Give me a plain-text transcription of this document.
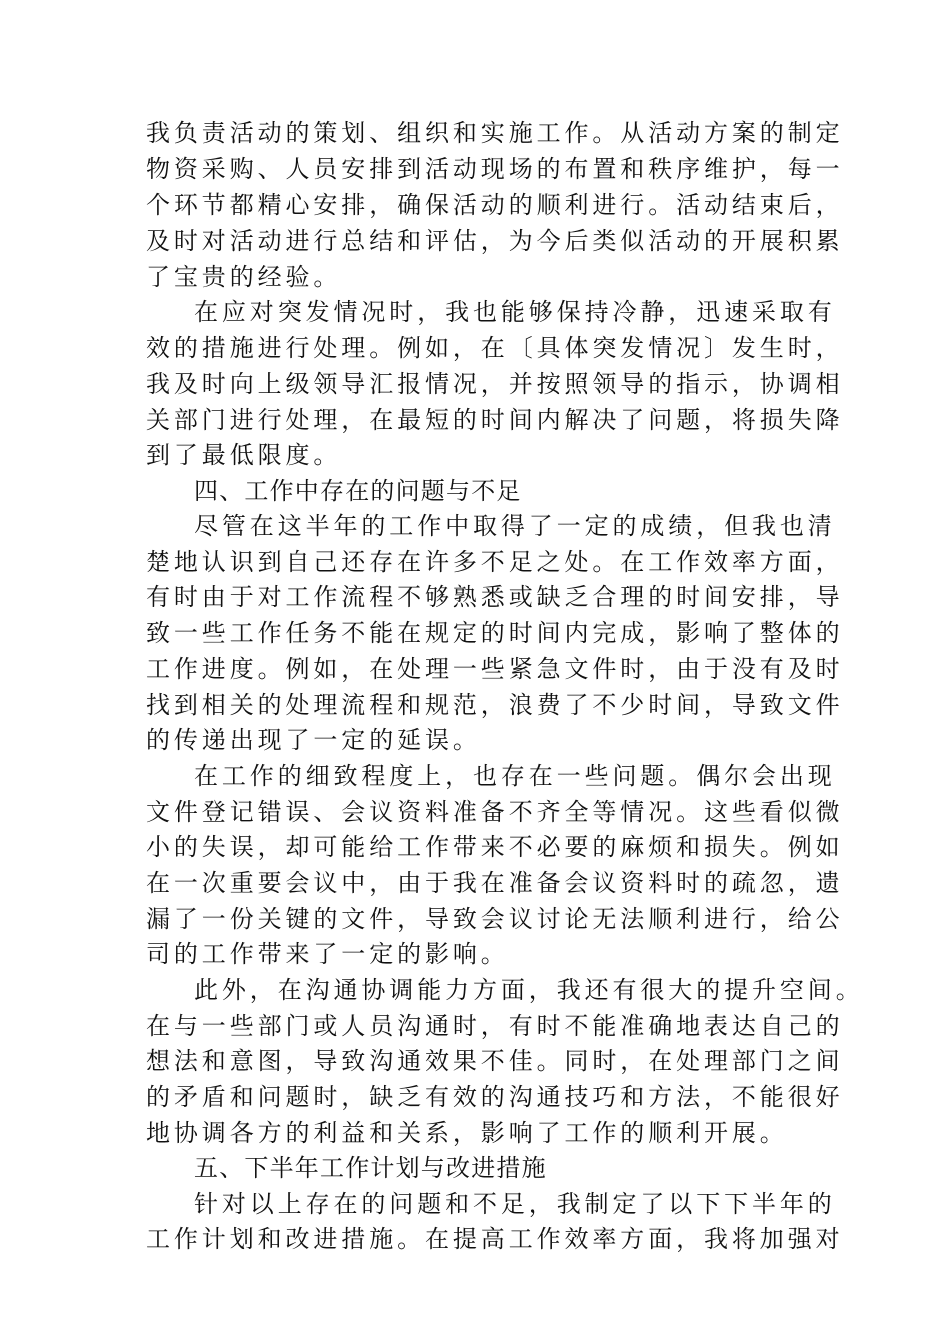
我负责活动的策划、组织和实施工作。从活动方案的制定
物资采购、人员安排到活动现场的布置和秩序维护，每一
个环节都精心安排，确保活动的顺利进行。活动结束后，
及时对活动进行总结和评估，为今后类似活动的开展积累
了宝贵的经验。
在应对突发情况时，我也能够保持冷静，迅速采取有
效的措施进行处理。例如，在〔具体突发情况〕发生时，
我及时向上级领导汇报情况，并按照领导的指示，协调相
关部门进行处理，在最短的时间内解决了问题，将损失降
到了最低限度。
四、工作中存在的问题与不足
尽管在这半年的工作中取得了一定的成绩，但我也清
楚地认识到自己还存在许多不足之处。在工作效率方面，
有时由于对工作流程不够熟悉或缺乏合理的时间安排，导
致一些工作任务不能在规定的时间内完成，影响了整体的
工作进度。例如，在处理一些紧急文件时，由于没有及时
找到相关的处理流程和规范，浪费了不少时间，导致文件
的传递出现了一定的延误。
在工作的细致程度上，也存在一些问题。偶尔会出现
文件登记错误、会议资料准备不齐全等情况。这些看似微
小的失误，却可能给工作带来不必要的麻烦和损失。例如
在一次重要会议中，由于我在准备会议资料时的疏忽，遗
漏了一份关键的文件，导致会议讨论无法顺利进行，给公
司的工作带来了一定的影响。
此外，在沟通协调能力方面，我还有很大的提升空间。
在与一些部门或人员沟通时，有时不能准确地表达自己的
想法和意图，导致沟通效果不佳。同时，在处理部门之间
的矛盾和问题时，缺乏有效的沟通技巧和方法，不能很好
地协调各方的利益和关系，影响了工作的顺利开展。
五、下半年工作计划与改进措施
针对以上存在的问题和不足，我制定了以下下半年的
工作计划和改进措施。在提高工作效率方面，我将加强对
